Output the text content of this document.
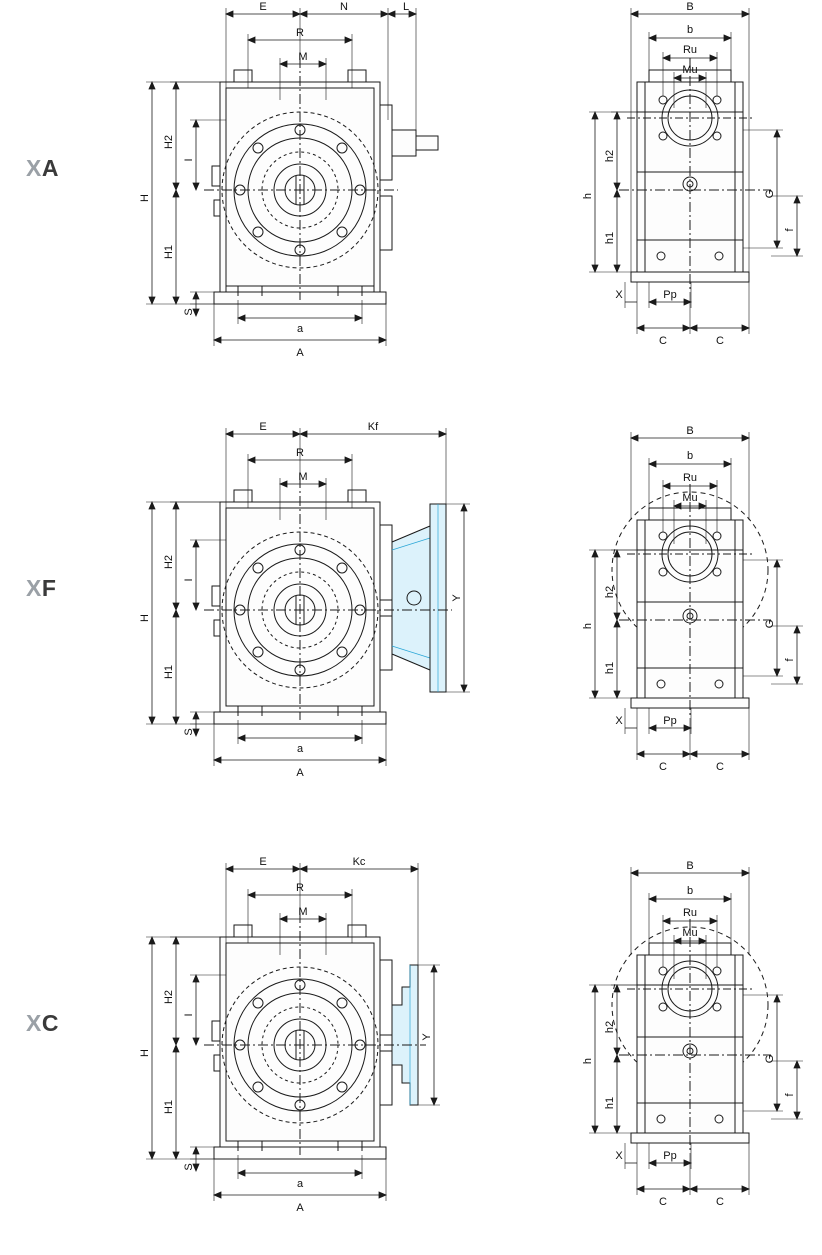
XA
E	N	L
R
M
a
A
H
H2
I
H1
S
B
b
Ru
Mu
X	Pp
C	C
h
h2
h1
G
f
XF
E	Kf
R
M
a
A
H
H2
I
H1
S
Y
B
b
Ru
Mu
X	Pp
C	C
h
h2
h1
G
f
XC
E	Kc
R
M
a
A
H
H2
I
H1
S
Y
B
b
Ru
Mu
X	Pp
C	C
h
h2
h1
G
f
